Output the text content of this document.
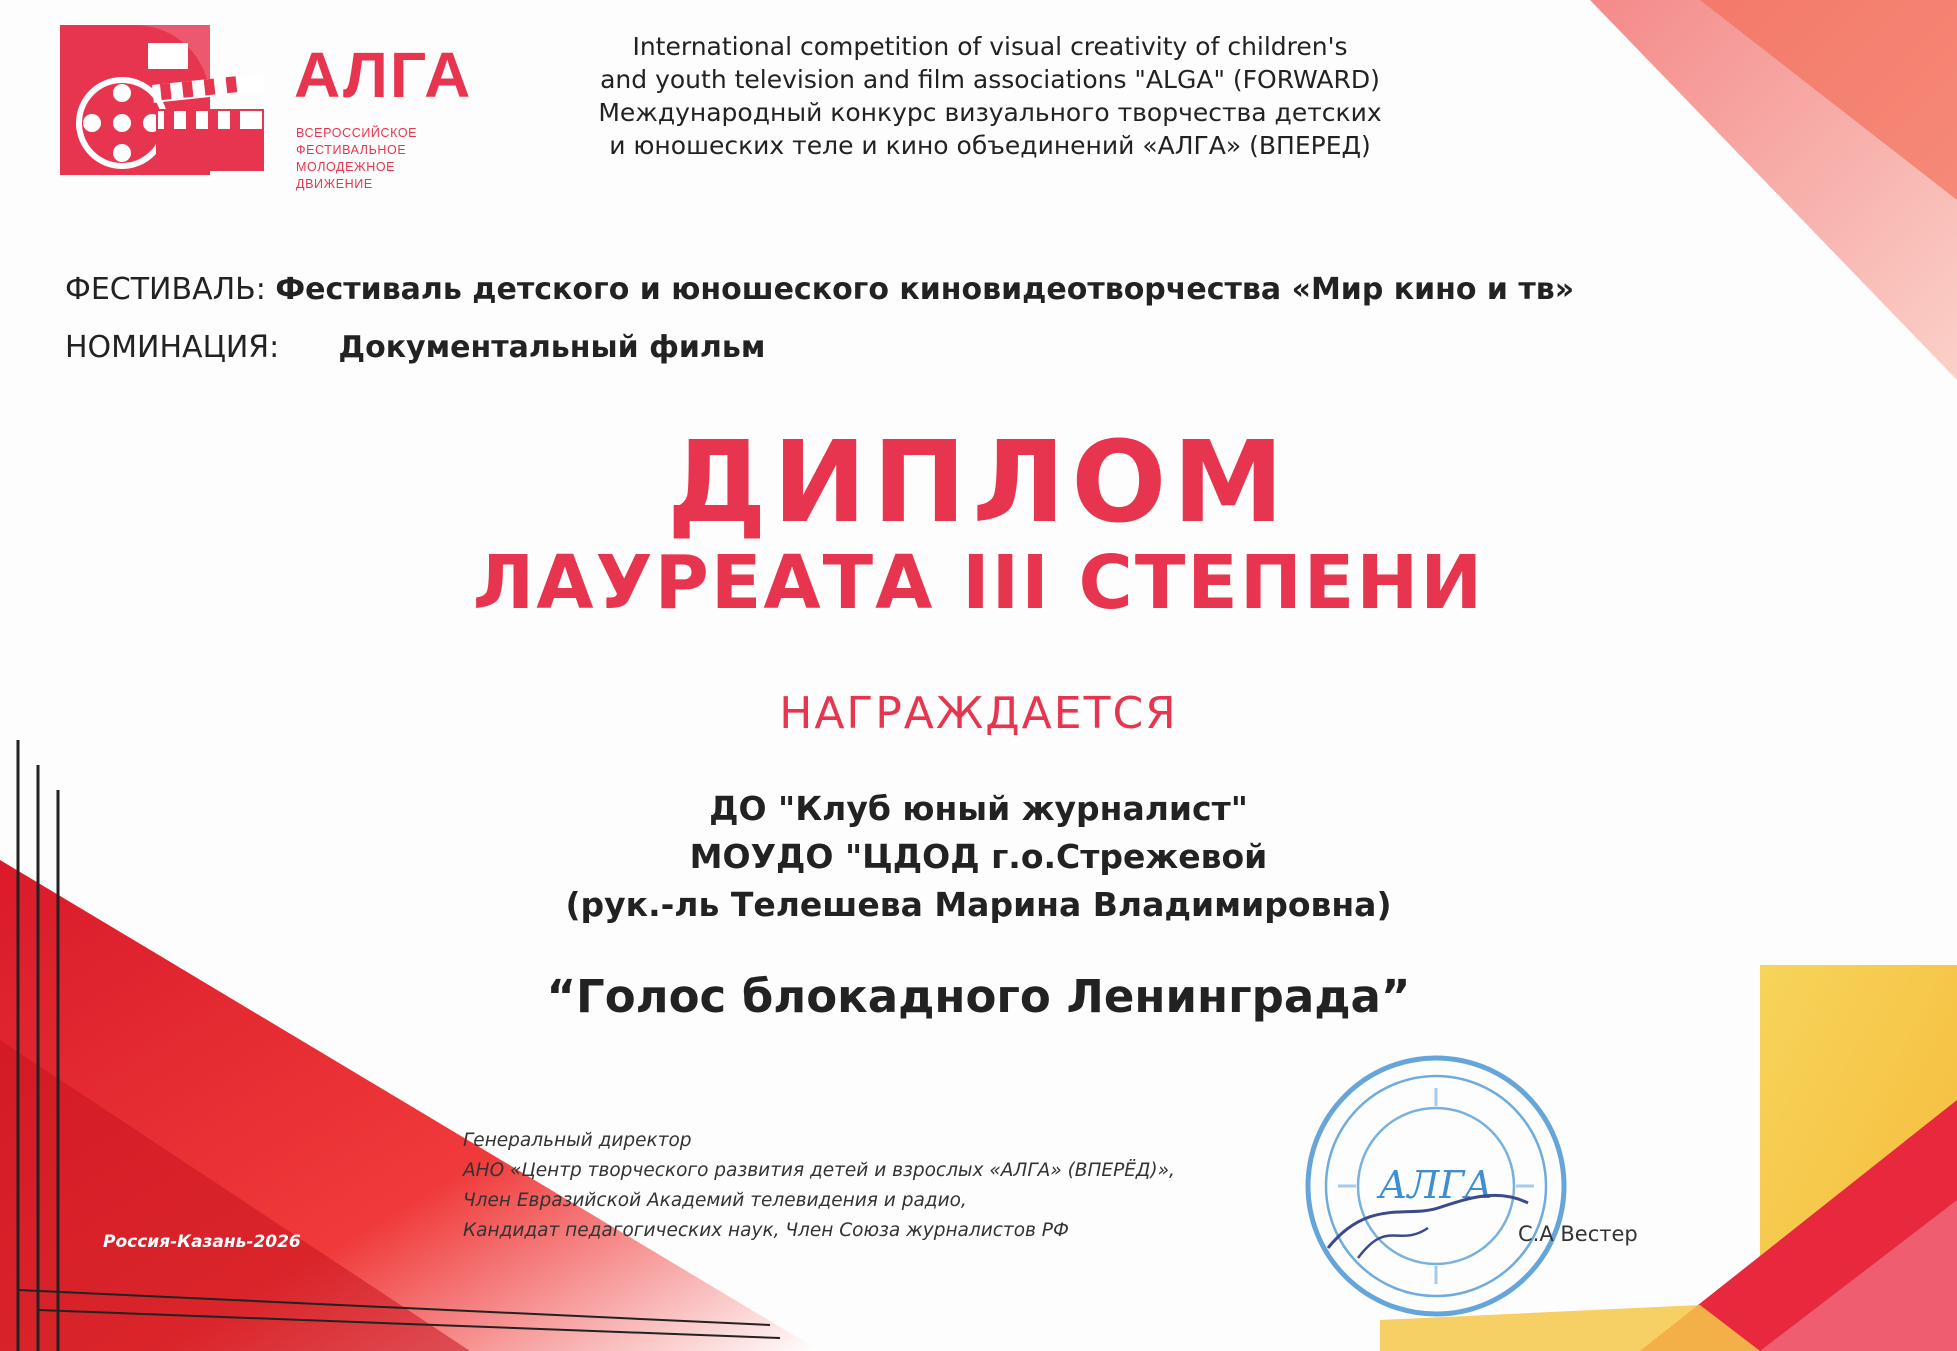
АЛГА
ВСЕРОССИЙСКОЕ
ФЕСТИВАЛЬНОЕ
МОЛОДЕЖНОЕ
ДВИЖЕНИЕ
International competition of visual creativity of children's
and youth television and film associations "ALGA" (FORWARD)
Международный конкурс визуального творчества детских
и юношеских теле и кино объединений «АЛГА» (ВПЕРЕД)
ФЕСТИВАЛЬ: Фестиваль детского и юношеского киновидеотворчества «Мир кино и тв»
НОМИНАЦИЯ: Документальный фильм
ДИПЛОМ
ЛАУРЕАТА III СТЕПЕНИ
НАГРАЖДАЕТСЯ
ДО "Клуб юный журналист"
МОУДО "ЦДОД г.о.Стрежевой
(рук.-ль Телешева Марина Владимировна)
“Голос блокадного Ленинграда”
Генеральный директор
АНО «Центр творческого развития детей и взрослых «АЛГА» (ВПЕРЁД)»,
Член Евразийской Академий телевидения и радио,
Кандидат педагогических наук, Член Союза журналистов РФ
АЛГА
С.А Вестер
Россия-Казань-2026
